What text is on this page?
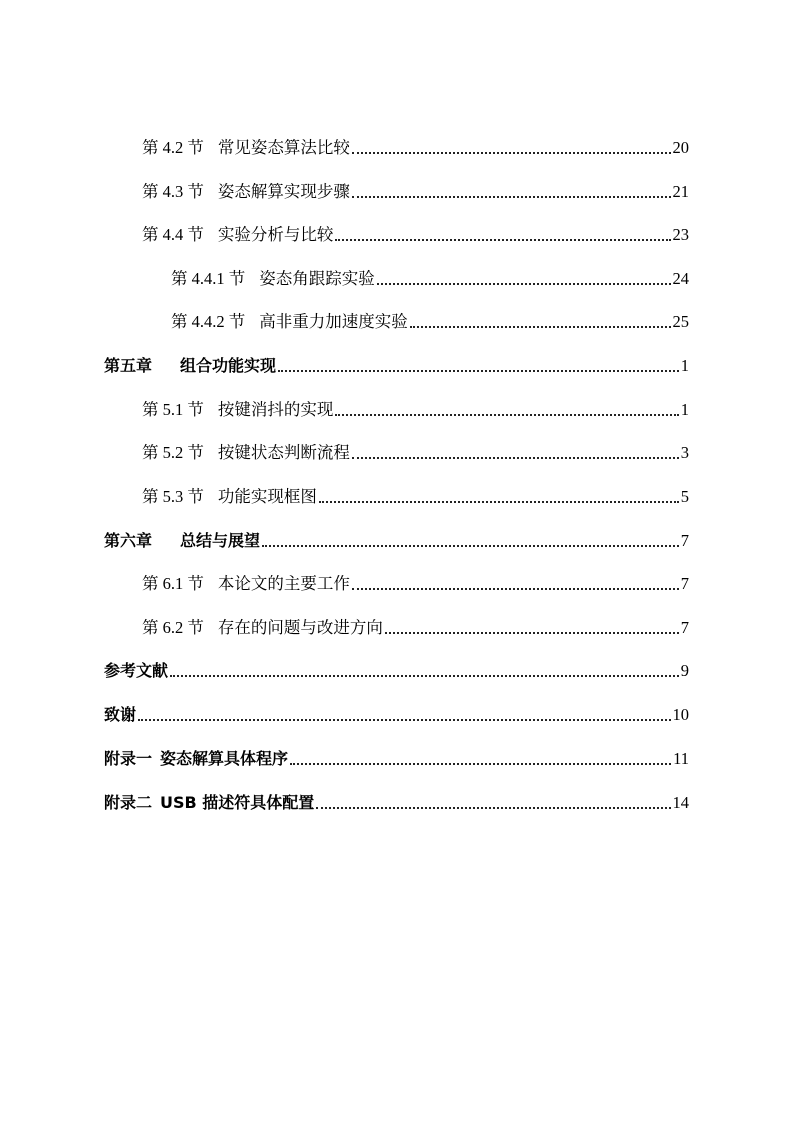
第 4.2 节 常见姿态算法比较	20
第 4.3 节 姿态解算实现步骤	21
第 4.4 节 实验分析与比较	23
第 4.4.1 节 姿态角跟踪实验	24
第 4.4.2 节 高非重力加速度实验	25
第五章 组合功能实现	1
第 5.1 节 按键消抖的实现	1
第 5.2 节 按键状态判断流程	3
第 5.3 节 功能实现框图	5
第六章 总结与展望	7
第 6.1 节 本论文的主要工作	7
第 6.2 节 存在的问题与改进方向	7
参考文献	9
致谢	10
附录一 姿态解算具体程序	11
附录二 USB 描述符具体配置	14
